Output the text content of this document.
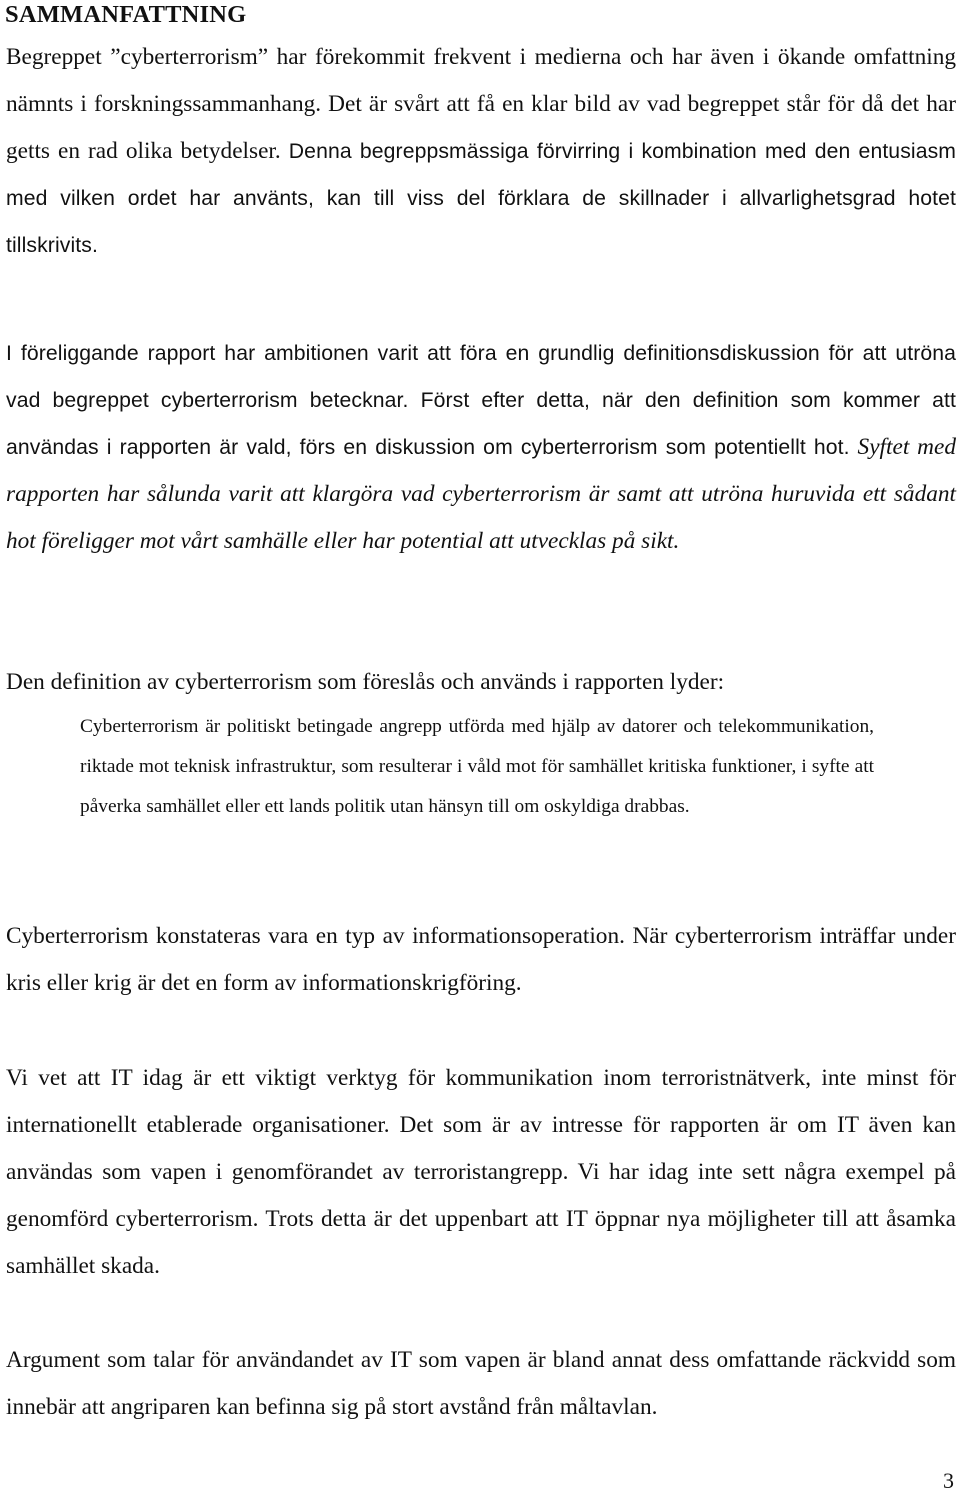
SAMMANFATTNING

Begreppet ”cyberterrorism” har förekommit frekvent i medierna och har även i ökande omfattning nämnts i forskningssammanhang. Det är svårt att få en klar bild av vad begreppet står för då det har getts en rad olika betydelser. Denna begreppsmässiga förvirring i kombination med den entusiasm med vilken ordet har använts, kan till viss del förklara de skillnader i allvarlighetsgrad hotet tillskrivits.

I föreliggande rapport har ambitionen varit att föra en grundlig definitionsdiskussion för att utröna vad begreppet cyberterrorism betecknar. Först efter detta, när den definition som kommer att användas i rapporten är vald, förs en diskussion om cyberterrorism som potentiellt hot. Syftet med rapporten har sålunda varit att klargöra vad cyberterrorism är samt att utröna huruvida ett sådant hot föreligger mot vårt samhälle eller har potential att utvecklas på sikt.

Den definition av cyberterrorism som föreslås och används i rapporten lyder:

Cyberterrorism är politiskt betingade angrepp utförda med hjälp av datorer och telekommunikation, riktade mot teknisk infrastruktur, som resulterar i våld mot för samhället kritiska funktioner, i syfte att påverka samhället eller ett lands politik utan hänsyn till om oskyldiga drabbas.

Cyberterrorism konstateras vara en typ av informationsoperation. När cyberterrorism inträffar under kris eller krig är det en form av informationskrigföring.

Vi vet att IT idag är ett viktigt verktyg för kommunikation inom terroristnätverk, inte minst för internationellt etablerade organisationer. Det som är av intresse för rapporten är om IT även kan användas som vapen i genomförandet av terroristangrepp. Vi har idag inte sett några exempel på genomförd cyberterrorism. Trots detta är det uppenbart att IT öppnar nya möjligheter till att åsamka samhället skada.

Argument som talar för användandet av IT som vapen är bland annat dess omfattande räckvidd som innebär att angriparen kan befinna sig på stort avstånd från måltavlan.

3
